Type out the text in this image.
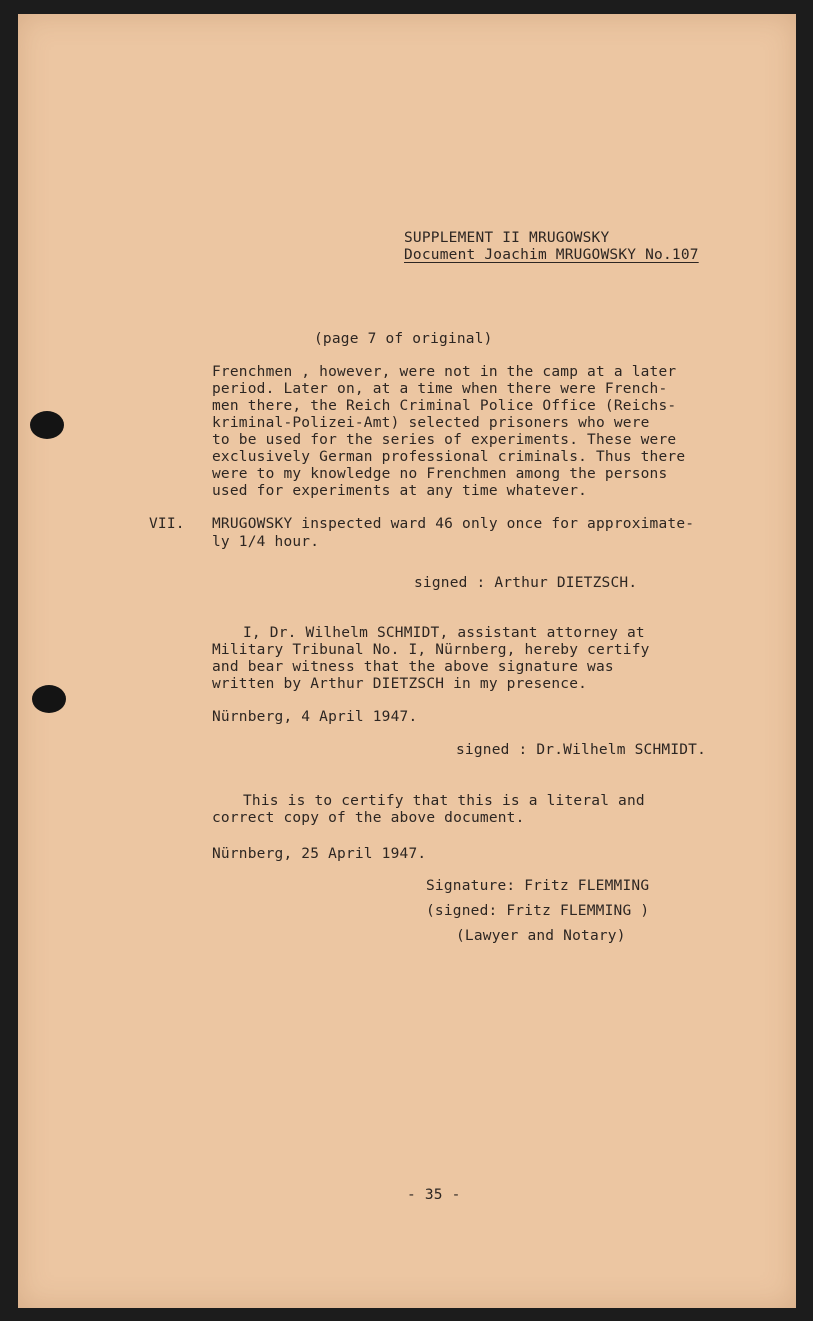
SUPPLEMENT II MRUGOWSKY
Document Joachim MRUGOWSKY No.107
(page 7 of original)
Frenchmen , however, were not in the camp at a later
period. Later on, at a time when there were French-
men there, the Reich Criminal Police Office (Reichs-
kriminal-Polizei-Amt) selected prisoners who were
to be used for the series of experiments. These were
exclusively German professional criminals. Thus there
were to my knowledge no Frenchmen among the persons
used for experiments at any time whatever.
VII. MRUGOWSKY inspected ward 46 only once for approximate-
ly 1/4 hour.
signed : Arthur DIETZSCH.
I, Dr. Wilhelm SCHMIDT, assistant attorney at
Military Tribunal No. I, Nürnberg, hereby certify
and bear witness that the above signature was
written by Arthur DIETZSCH in my presence.
Nürnberg, 4 April 1947.
signed : Dr.Wilhelm SCHMIDT.
This is to certify that this is a literal and
correct copy of the above document.
Nürnberg, 25 April 1947.
Signature: Fritz FLEMMING
(signed: Fritz FLEMMING )
(Lawyer and Notary)
- 35 -
